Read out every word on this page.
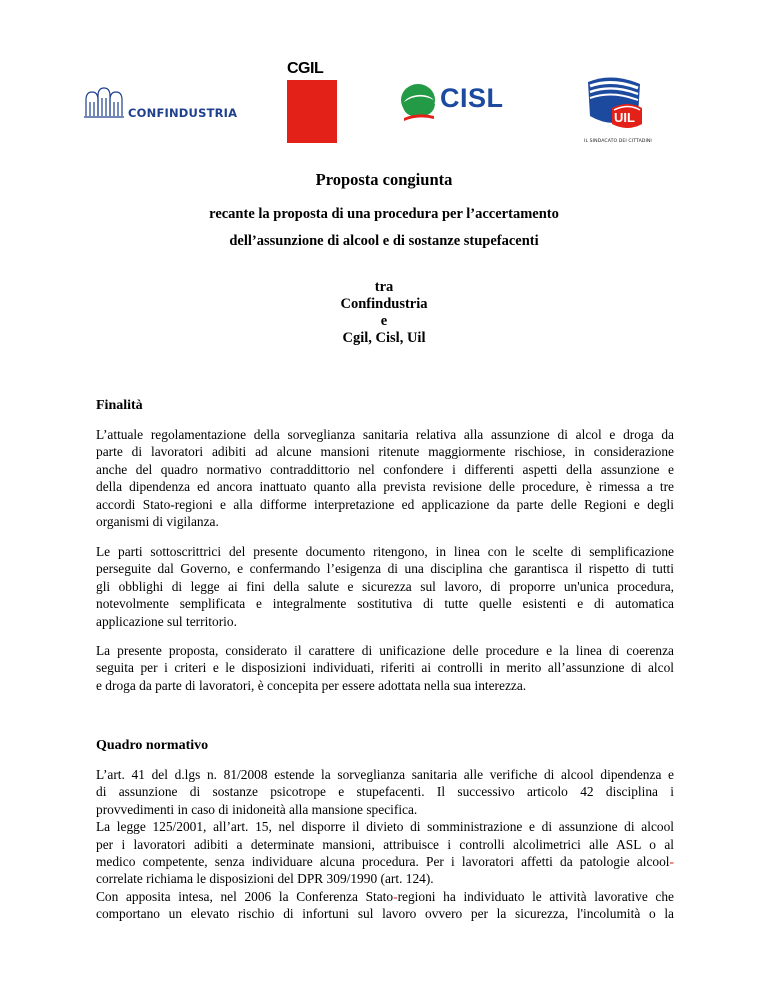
CONFINDUSTRIA
CGIL
CISL
UIL
IL SINDACATO DEI CITTADINI
Proposta congiunta
recante la proposta di una procedura per l’accertamento
dell’assunzione di alcool e di sostanze stupefacenti
tra
Confindustria
e
Cgil, Cisl, Uil
Finalità

L’attuale regolamentazione della sorveglianza sanitaria relativa alla assunzione di alcol e droga da
parte di lavoratori adibiti ad alcune mansioni ritenute maggiormente rischiose, in considerazione
anche del quadro normativo contraddittorio nel confondere i differenti aspetti della assunzione e
della dipendenza ed ancora inattuato quanto alla prevista revisione delle procedure, è rimessa a tre
accordi Stato-regioni e alla difforme interpretazione ed applicazione da parte delle Regioni e degli
organismi di vigilanza.

Le parti sottoscrittrici del presente documento ritengono, in linea con le scelte di semplificazione
perseguite dal Governo, e confermando l’esigenza di una disciplina che garantisca il rispetto di tutti
gli obblighi di legge ai fini della salute e sicurezza sul lavoro, di proporre un'unica procedura,
notevolmente semplificata e integralmente sostitutiva di tutte quelle esistenti e di automatica
applicazione sul territorio.

La presente proposta, considerato il carattere di unificazione delle procedure e la linea di coerenza
seguita per i criteri e le disposizioni individuati, riferiti ai controlli in merito all’assunzione di alcol
e droga da parte di lavoratori, è concepita per essere adottata nella sua interezza.

Quadro normativo

L’art. 41 del d.lgs n. 81/2008 estende la sorveglianza sanitaria alle verifiche di alcool dipendenza e
di assunzione di sostanze psicotrope e stupefacenti. Il successivo articolo 42 disciplina i
provvedimenti in caso di inidoneità alla mansione specifica.
La legge 125/2001, all’art. 15, nel disporre il divieto di somministrazione e di assunzione di alcool
per i lavoratori adibiti a determinate mansioni, attribuisce i controlli alcolimetrici alle ASL o al
medico competente, senza individuare alcuna procedura. Per i lavoratori affetti da patologie alcool-
correlate richiama le disposizioni del DPR 309/1990 (art. 124).
Con apposita intesa, nel 2006 la Conferenza Stato-regioni ha individuato le attività lavorative che
comportano un elevato rischio di infortuni sul lavoro ovvero per la sicurezza, l'incolumità o la
